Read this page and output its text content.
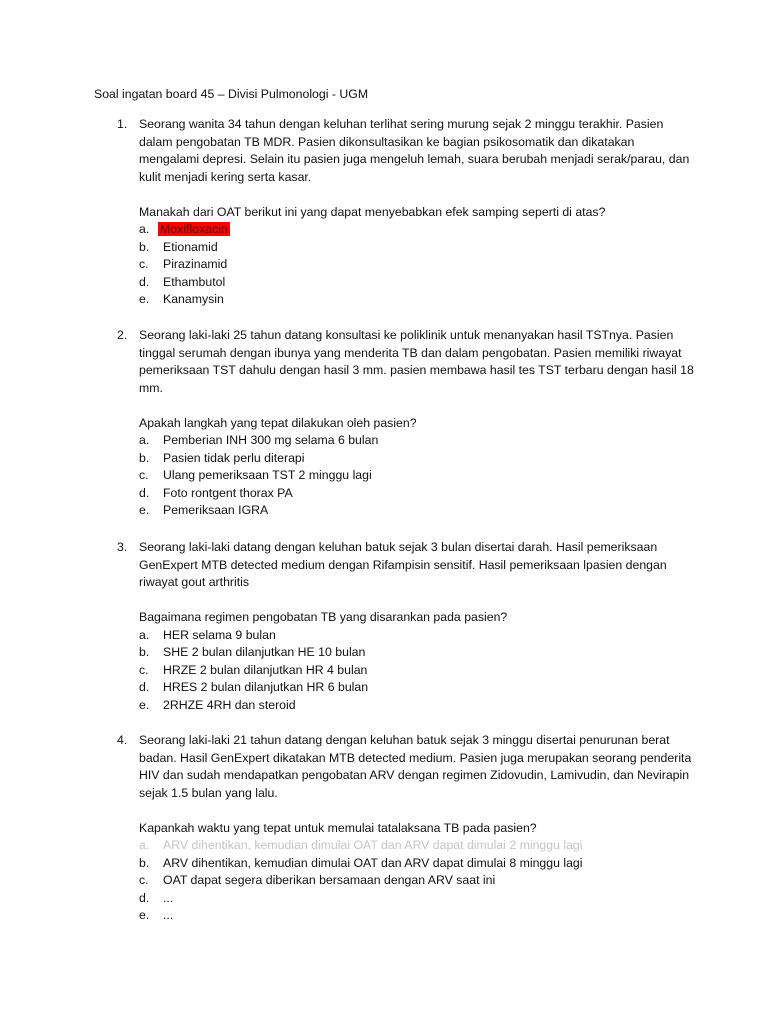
Soal ingatan board 45 – Divisi Pulmonologi - UGM
1. Seorang wanita 34 tahun dengan keluhan terlihat sering murung sejak 2 minggu terakhir. Pasien dalam pengobatan TB MDR. Pasien dikonsultasikan ke bagian psikosomatik dan dikatakan mengalami depresi. Selain itu pasien juga mengeluh lemah, suara berubah menjadi serak/parau, dan kulit menjadi kering serta kasar.

Manakah dari OAT berikut ini yang dapat menyebabkan efek samping seperti di atas?
a. Moxifloxacin
b. Etionamid
c. Pirazinamid
d. Ethambutol
e. Kanamysin
2. Seorang laki-laki 25 tahun datang konsultasi ke poliklinik untuk menanyakan hasil TSTnya. Pasien tinggal serumah dengan ibunya yang menderita TB dan dalam pengobatan. Pasien memiliki riwayat pemeriksaan TST dahulu dengan hasil 3 mm. pasien membawa hasil tes TST terbaru dengan hasil 18 mm.

Apakah langkah yang tepat dilakukan oleh pasien?
a. Pemberian INH 300 mg selama 6 bulan
b. Pasien tidak perlu diterapi
c. Ulang pemeriksaan TST 2 minggu lagi
d. Foto rontgent thorax PA
e. Pemeriksaan IGRA
3. Seorang laki-laki datang dengan keluhan batuk sejak 3 bulan disertai darah. Hasil pemeriksaan GenExpert MTB detected medium dengan Rifampisin sensitif. Hasil pemeriksaan lpasien dengan riwayat gout arthritis

Bagaimana regimen pengobatan TB yang disarankan pada pasien?
a. HER selama 9 bulan
b. SHE 2 bulan dilanjutkan HE 10 bulan
c. HRZE 2 bulan dilanjutkan HR 4 bulan
d. HRES 2 bulan dilanjutkan HR 6 bulan
e. 2RHZE 4RH dan steroid
4. Seorang laki-laki 21 tahun datang dengan keluhan batuk sejak 3 minggu disertai penurunan berat badan. Hasil GenExpert dikatakan MTB detected medium. Pasien juga merupakan seorang penderita HIV dan sudah mendapatkan pengobatan ARV dengan regimen Zidovudin, Lamivudin, dan Nevirapin sejak 1.5 bulan yang lalu.

Kapankah waktu yang tepat untuk memulai tatalaksana TB pada pasien?
a. ARV dihentikan, kemudian dimulai OAT dan ARV dapat dimulai 2 minggu lagi
b. ARV dihentikan, kemudian dimulai OAT dan ARV dapat dimulai 8 minggu lagi
c. OAT dapat segera diberikan bersamaan dengan ARV saat ini
d. ...
e. ...
